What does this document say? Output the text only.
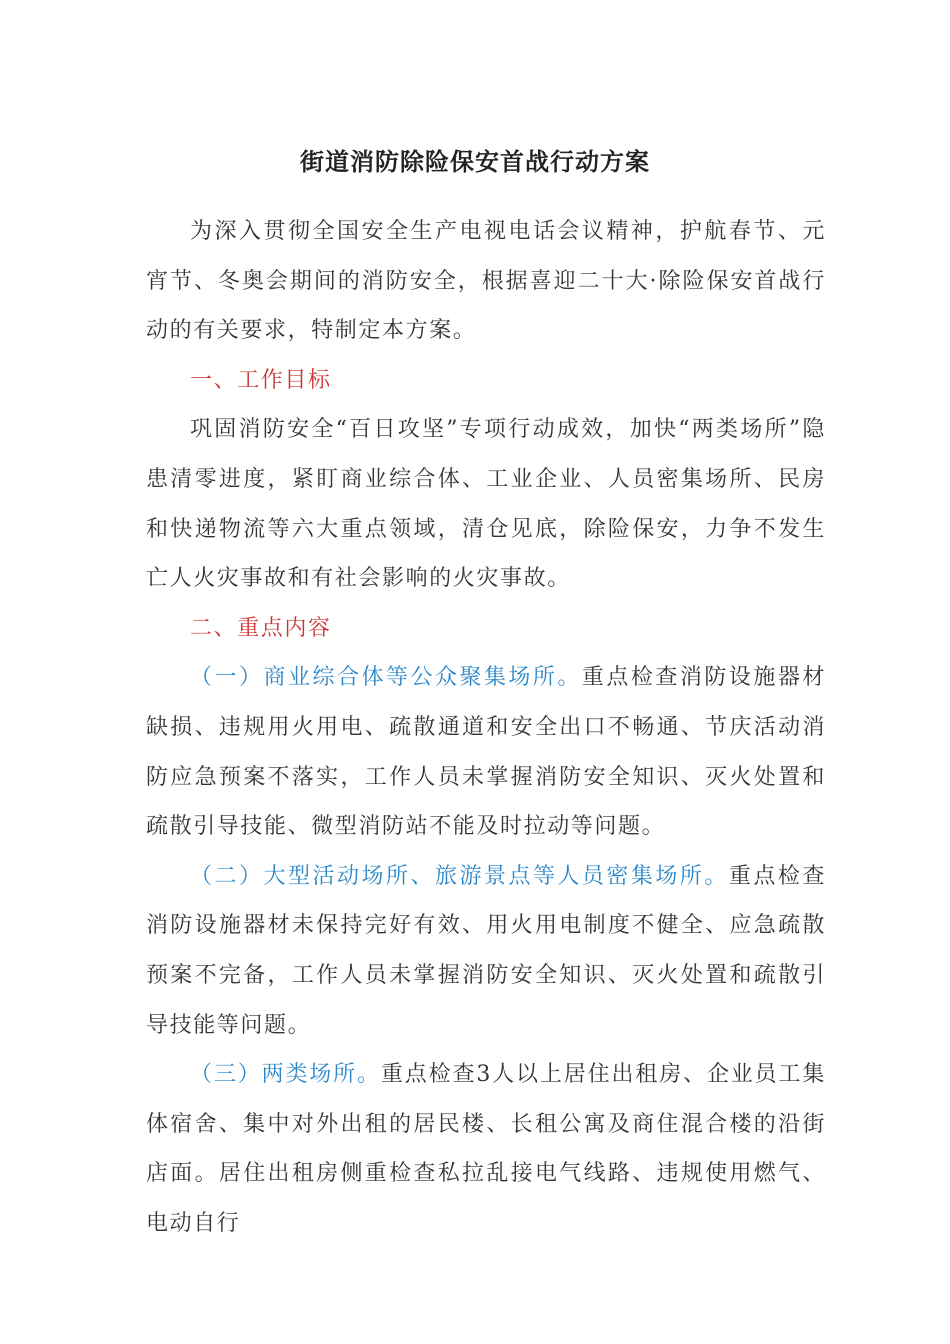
街道消防除险保安首战行动方案

为深入贯彻全国安全生产电视电话会议精神，护航春节、元宵节、冬奥会期间的消防安全，根据喜迎二十大·除险保安首战行动的有关要求，特制定本方案。

一、工作目标

巩固消防安全“百日攻坚”专项行动成效，加快“两类场所”隐患清零进度，紧盯商业综合体、工业企业、人员密集场所、民房和快递物流等六大重点领域，清仓见底，除险保安，力争不发生亡人火灾事故和有社会影响的火灾事故。

二、重点内容

（一）商业综合体等公众聚集场所。重点检查消防设施器材缺损、违规用火用电、疏散通道和安全出口不畅通、节庆活动消防应急预案不落实，工作人员未掌握消防安全知识、灭火处置和疏散引导技能、微型消防站不能及时拉动等问题。

（二）大型活动场所、旅游景点等人员密集场所。重点检查消防设施器材未保持完好有效、用火用电制度不健全、应急疏散预案不完备，工作人员未掌握消防安全知识、灭火处置和疏散引导技能等问题。

（三）两类场所。重点检查3人以上居住出租房、企业员工集体宿舍、集中对外出租的居民楼、长租公寓及商住混合楼的沿街店面。居住出租房侧重检查私拉乱接电气线路、违规使用燃气、电动自行
